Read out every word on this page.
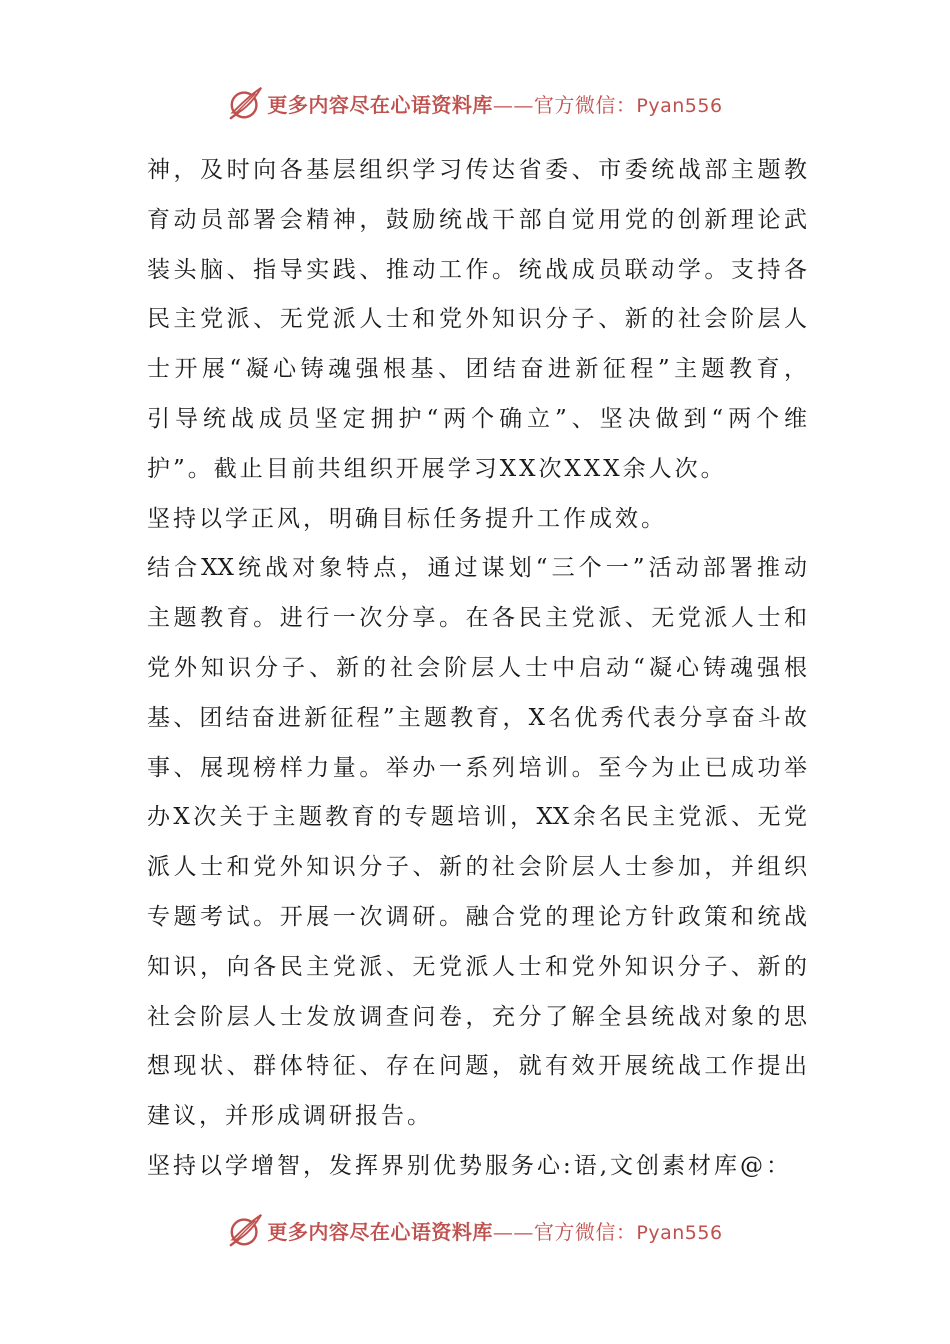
更多内容尽在心语资料库——官方微信：Pyan556
神，及时向各基层组织学习传达省委、市委统战部主题教
育动员部署会精神，鼓励统战干部自觉用党的创新理论武
装头脑、指导实践、推动工作。统战成员联动学。支持各
民主党派、无党派人士和党外知识分子、新的社会阶层人
士开展“凝心铸魂强根基、团结奋进新征程”主题教育，
引导统战成员坚定拥护“两个确立”、坚决做到“两个维
护”。截止目前共组织开展学习XX次XXX余人次。
坚持以学正风，明确目标任务提升工作成效。
结合XX统战对象特点，通过谋划“三个一”活动部署推动
主题教育。进行一次分享。在各民主党派、无党派人士和
党外知识分子、新的社会阶层人士中启动“凝心铸魂强根
基、团结奋进新征程”主题教育，X名优秀代表分享奋斗故
事、展现榜样力量。举办一系列培训。至今为止已成功举
办X次关于主题教育的专题培训，XX余名民主党派、无党
派人士和党外知识分子、新的社会阶层人士参加，并组织
专题考试。开展一次调研。融合党的理论方针政策和统战
知识，向各民主党派、无党派人士和党外知识分子、新的
社会阶层人士发放调查问卷，充分了解全县统战对象的思
想现状、群体特征、存在问题，就有效开展统战工作提出
建议，并形成调研报告。
坚持以学增智，发挥界别优势服务心:语,文创素材库@：
更多内容尽在心语资料库——官方微信：Pyan556
